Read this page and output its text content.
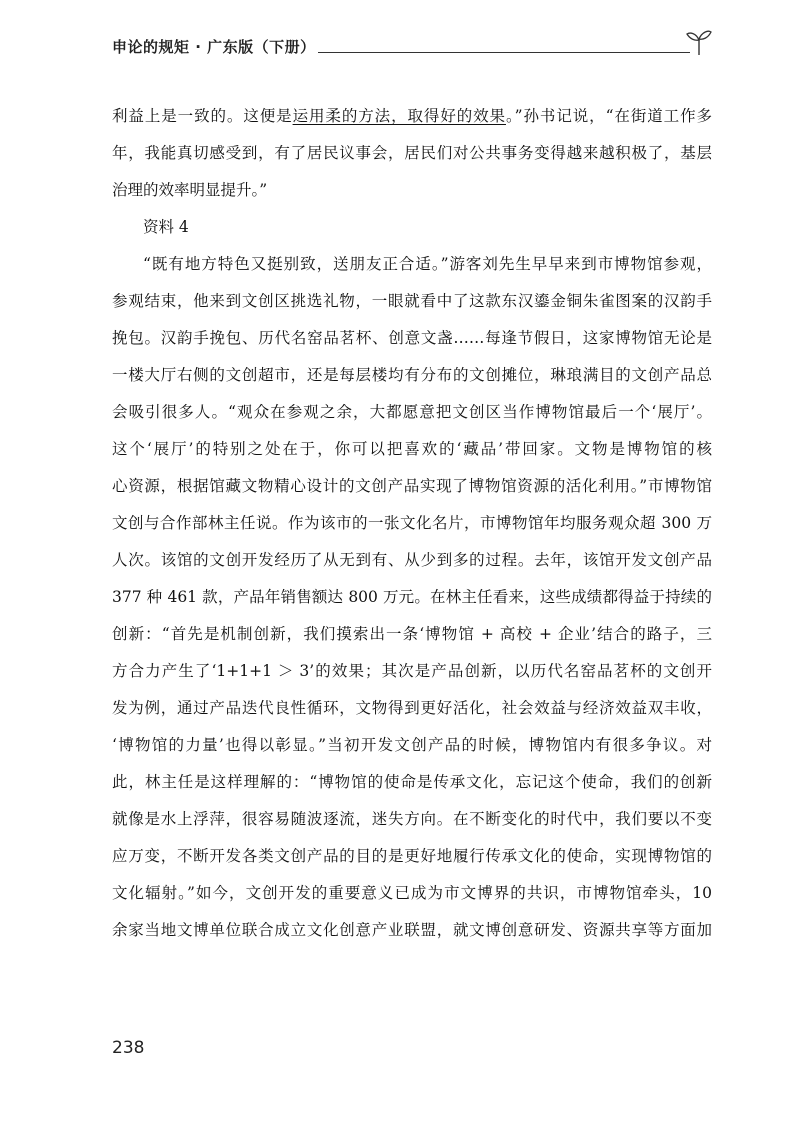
申论的规矩 · 广东版（下册）
利益上是一致的。这便是运用柔的方法，取得好的效果。”孙书记说，“在街道工作多
年，我能真切感受到，有了居民议事会，居民们对公共事务变得越来越积极了，基层
治理的效率明显提升。”
资料 4
“既有地方特色又挺别致，送朋友正合适。”游客刘先生早早来到市博物馆参观，
参观结束，他来到文创区挑选礼物，一眼就看中了这款东汉鎏金铜朱雀图案的汉韵手
挽包。汉韵手挽包、历代名窑品茗杯、创意文盏……每逢节假日，这家博物馆无论是
一楼大厅右侧的文创超市，还是每层楼均有分布的文创摊位，琳琅满目的文创产品总
会吸引很多人。“观众在参观之余，大都愿意把文创区当作博物馆最后一个‘展厅’。
这个‘展厅’的特别之处在于，你可以把喜欢的‘藏品’带回家。文物是博物馆的核
心资源，根据馆藏文物精心设计的文创产品实现了博物馆资源的活化利用。”市博物馆
文创与合作部林主任说。作为该市的一张文化名片，市博物馆年均服务观众超 300 万
人次。该馆的文创开发经历了从无到有、从少到多的过程。去年，该馆开发文创产品
377 种 461 款，产品年销售额达 800 万元。在林主任看来，这些成绩都得益于持续的
创新：“首先是机制创新，我们摸索出一条‘博物馆 + 高校 + 企业’结合的路子，三
方合力产生了‘1+1+1 ＞ 3’的效果；其次是产品创新，以历代名窑品茗杯的文创开
发为例，通过产品迭代良性循环，文物得到更好活化，社会效益与经济效益双丰收，
‘博物馆的力量’也得以彰显。”当初开发文创产品的时候，博物馆内有很多争议。对
此，林主任是这样理解的：“博物馆的使命是传承文化，忘记这个使命，我们的创新
就像是水上浮萍，很容易随波逐流，迷失方向。在不断变化的时代中，我们要以不变
应万变，不断开发各类文创产品的目的是更好地履行传承文化的使命，实现博物馆的
文化辐射。”如今，文创开发的重要意义已成为市文博界的共识，市博物馆牵头，10
余家当地文博单位联合成立文化创意产业联盟，就文博创意研发、资源共享等方面加
238
